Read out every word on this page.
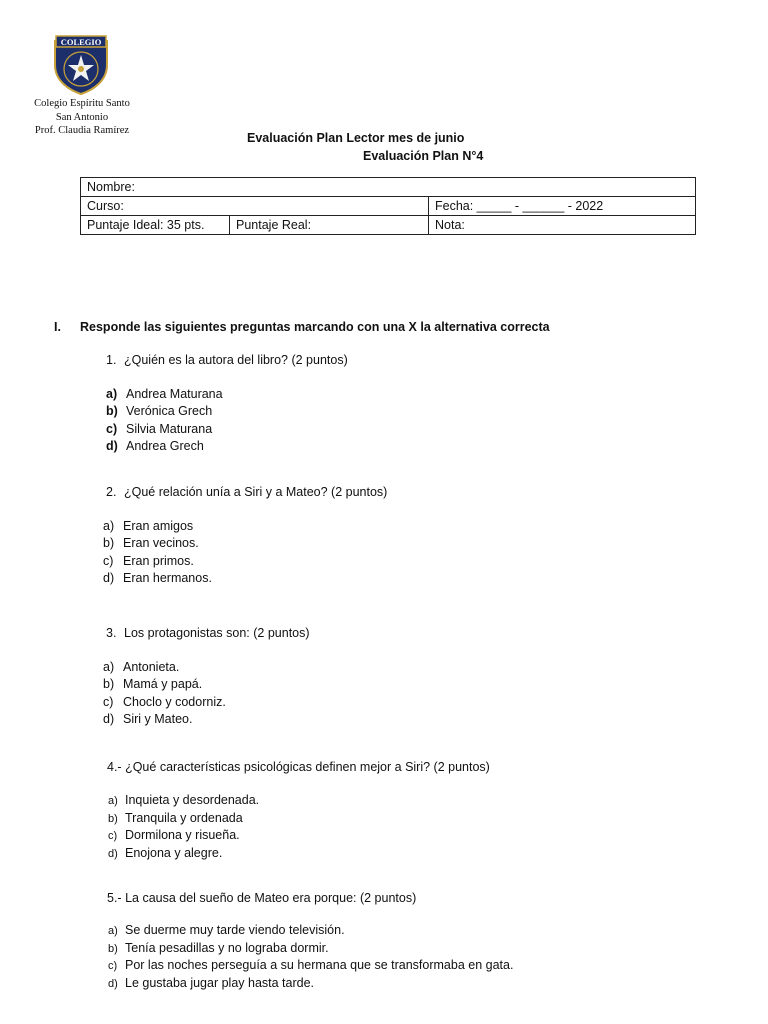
COLEGIO
Colegio Espíritu Santo
San Antonio
Prof. Claudia Ramírez
Evaluación Plan Lector mes de junio
Evaluación Plan N°4
Nombre:		
Curso:		Fecha: _____ - ______ - 2022
Puntaje Ideal: 35 pts.	Puntaje Real:	Nota:
I. Responde las siguientes preguntas marcando con una X la alternativa correcta
1. ¿Quién es la autora del libro? (2 puntos)
a) Andrea Maturana
b) Verónica Grech
c) Silvia Maturana
d) Andrea Grech
2. ¿Qué relación unía a Siri y a Mateo? (2 puntos)
a) Eran amigos
b) Eran vecinos.
c) Eran primos.
d) Eran hermanos.
3. Los protagonistas son: (2 puntos)
a) Antonieta.
b) Mamá y papá.
c) Choclo y codorniz.
d) Siri y Mateo.
4.- ¿Qué características psicológicas definen mejor a Siri? (2 puntos)
a) Inquieta y desordenada.
b) Tranquila y ordenada
c) Dormilona y risueña.
d) Enojona y alegre.
5.- La causa del sueño de Mateo era porque: (2 puntos)
a) Se duerme muy tarde viendo televisión.
b) Tenía pesadillas y no lograba dormir.
c) Por las noches perseguía a su hermana que se transformaba en gata.
d) Le gustaba jugar play hasta tarde.
